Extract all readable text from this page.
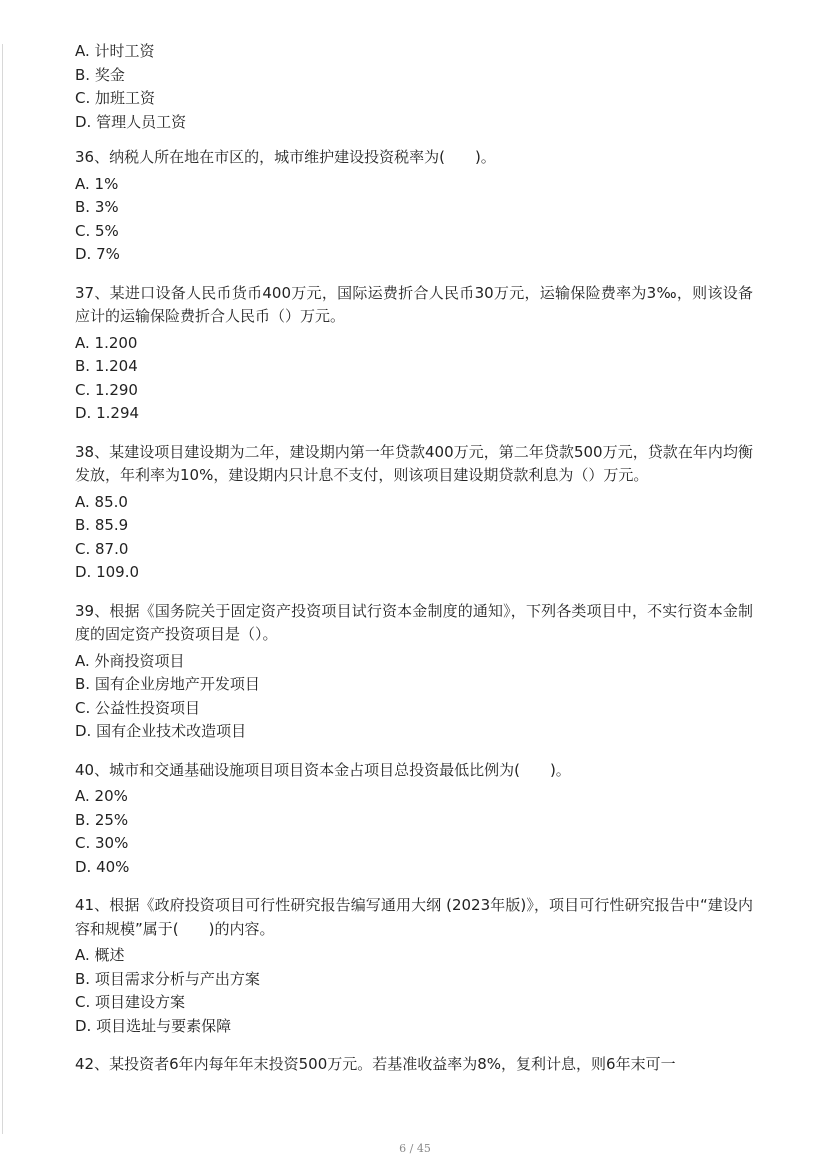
A. 计时工资
B. 奖金
C. 加班工资
D. 管理人员工资
36、纳税人所在地在市区的，城市维护建设投资税率为(　　)。
A. 1%
B. 3%
C. 5%
D. 7%
37、某进口设备人民币货币400万元，国际运费折合人民币30万元，运输保险费率为3‰，则该设备应计的运输保险费折合人民币（）万元。
A. 1.200
B. 1.204
C. 1.290
D. 1.294
38、某建设项目建设期为二年，建设期内第一年贷款400万元，第二年贷款500万元，贷款在年内均衡发放，年利率为10%，建设期内只计息不支付，则该项目建设期贷款利息为（）万元。
A. 85.0
B. 85.9
C. 87.0
D. 109.0
39、根据《国务院关于固定资产投资项目试行资本金制度的通知》，下列各类项目中，不实行资本金制度的固定资产投资项目是（）。
A. 外商投资项目
B. 国有企业房地产开发项目
C. 公益性投资项目
D. 国有企业技术改造项目
40、城市和交通基础设施项目项目资本金占项目总投资最低比例为(　　)。
A. 20%
B. 25%
C. 30%
D. 40%
41、根据《政府投资项目可行性研究报告编写通用大纲 (2023年版)》，项目可行性研究报告中“建设内容和规模”属于(　　)的内容。
A. 概述
B. 项目需求分析与产出方案
C. 项目建设方案
D. 项目选址与要素保障
42、某投资者6年内每年年末投资500万元。若基准收益率为8%，复利计息，则6年末可一
6 / 45
